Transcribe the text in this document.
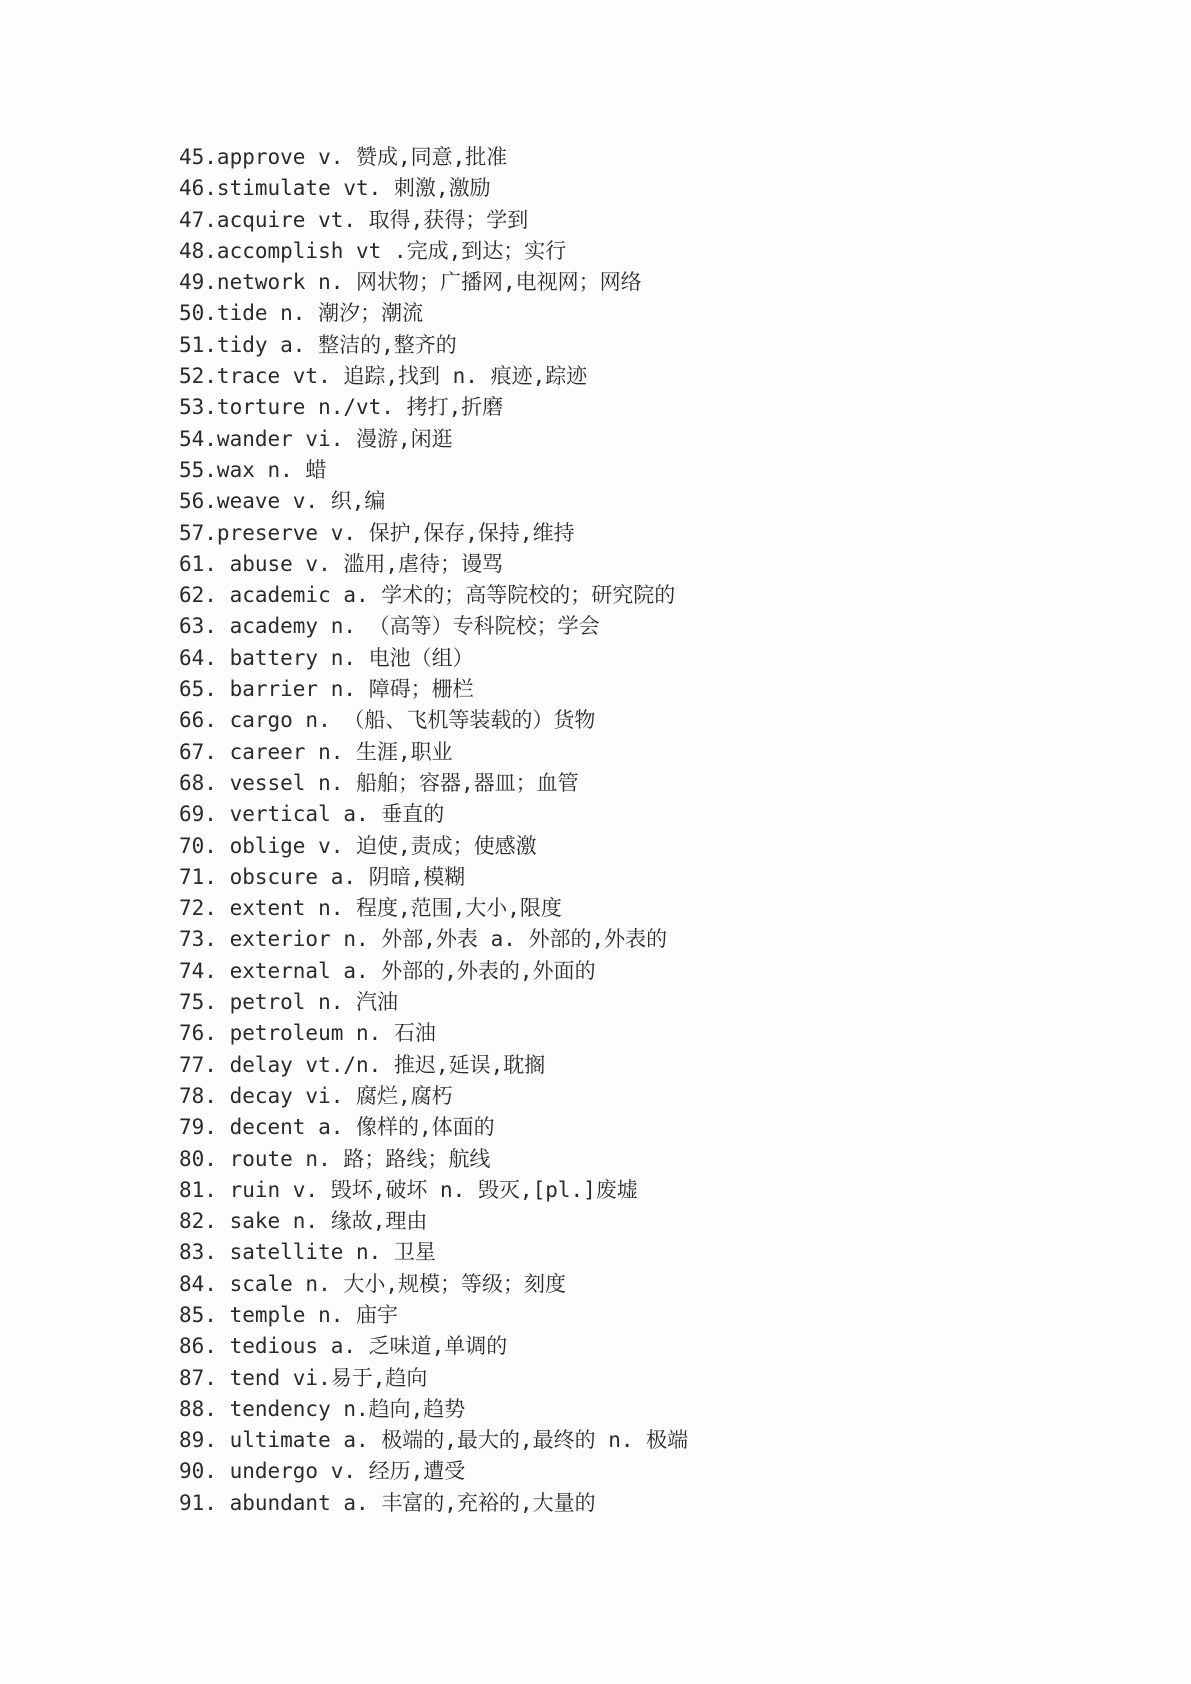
45.approve v. 赞成,同意,批准
46.stimulate vt. 刺激,激励
47.acquire vt. 取得,获得；学到
48.accomplish vt .完成,到达；实行
49.network n. 网状物；广播网,电视网；网络
50.tide n. 潮汐；潮流
51.tidy a. 整洁的,整齐的
52.trace vt. 追踪,找到 n. 痕迹,踪迹
53.torture n./vt. 拷打,折磨
54.wander vi. 漫游,闲逛
55.wax n. 蜡
56.weave v. 织,编
57.preserve v. 保护,保存,保持,维持
61. abuse v. 滥用,虐待；谩骂
62. academic a. 学术的；高等院校的；研究院的
63. academy n. （高等）专科院校；学会
64. battery n. 电池（组）
65. barrier n. 障碍；栅栏
66. cargo n. （船、飞机等装载的）货物
67. career n. 生涯,职业
68. vessel n. 船舶；容器,器皿；血管
69. vertical a. 垂直的
70. oblige v. 迫使,责成；使感激
71. obscure a. 阴暗,模糊
72. extent n. 程度,范围,大小,限度
73. exterior n. 外部,外表 a. 外部的,外表的
74. external a. 外部的,外表的,外面的
75. petrol n. 汽油
76. petroleum n. 石油
77. delay vt./n. 推迟,延误,耽搁
78. decay vi. 腐烂,腐朽
79. decent a. 像样的,体面的
80. route n. 路；路线；航线
81. ruin v. 毁坏,破坏 n. 毁灭,[pl.]废墟
82. sake n. 缘故,理由
83. satellite n. 卫星
84. scale n. 大小,规模；等级；刻度
85. temple n. 庙宇
86. tedious a. 乏味道,单调的
87. tend vi.易于,趋向
88. tendency n.趋向,趋势
89. ultimate a. 极端的,最大的,最终的 n. 极端
90. undergo v. 经历,遭受
91. abundant a. 丰富的,充裕的,大量的
